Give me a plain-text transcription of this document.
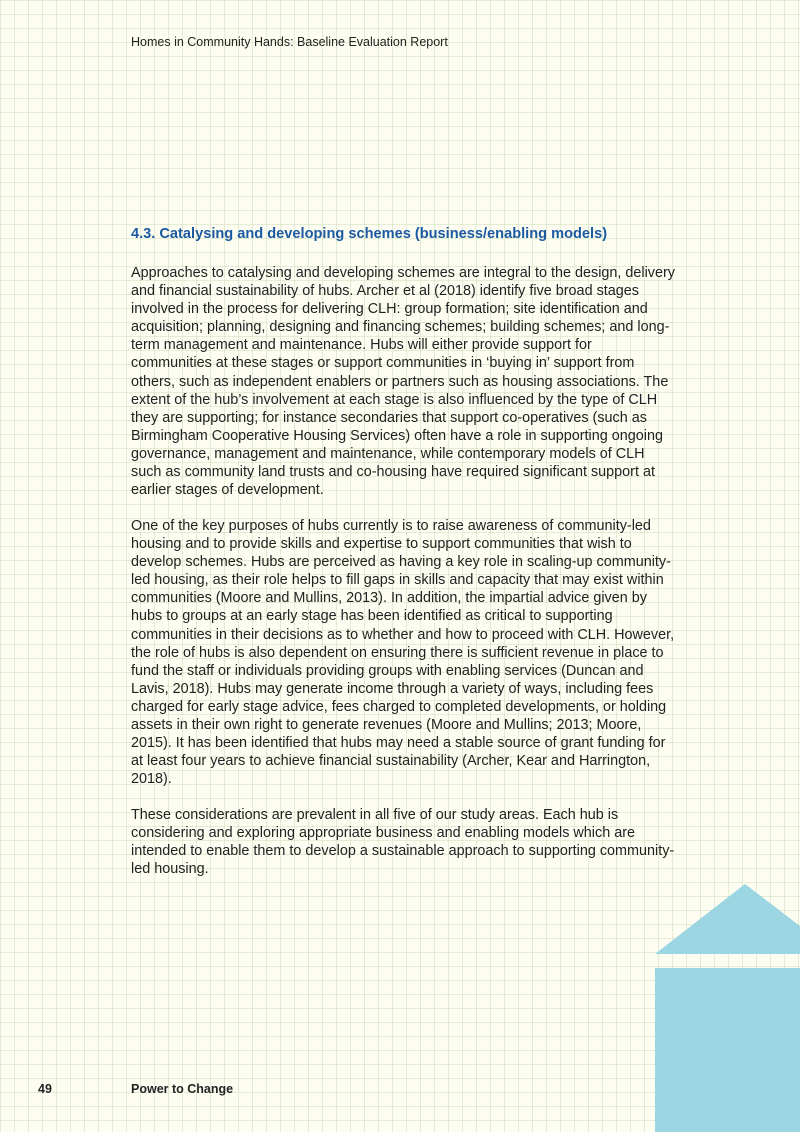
Homes in Community Hands: Baseline Evaluation Report
4.3. Catalysing and developing schemes (business/enabling models)

Approaches to catalysing and developing schemes are integral to the design, delivery and financial sustainability of hubs. Archer et al (2018) identify five broad stages involved in the process for delivering CLH: group formation; site identification and acquisition; planning, designing and financing schemes; building schemes; and long-term management and maintenance. Hubs will either provide support for communities at these stages or support communities in ‘buying in’ support from others, such as independent enablers or partners such as housing associations. The extent of the hub’s involvement at each stage is also influenced by the type of CLH they are supporting; for instance secondaries that support co-operatives (such as Birmingham Cooperative Housing Services) often have a role in supporting ongoing governance, management and maintenance, while contemporary models of CLH such as community land trusts and co-housing have required significant support at earlier stages of development.

One of the key purposes of hubs currently is to raise awareness of community-led housing and to provide skills and expertise to support communities that wish to develop schemes. Hubs are perceived as having a key role in scaling-up community-led housing, as their role helps to fill gaps in skills and capacity that may exist within communities (Moore and Mullins, 2013). In addition, the impartial advice given by hubs to groups at an early stage has been identified as critical to supporting communities in their decisions as to whether and how to proceed with CLH. However, the role of hubs is also dependent on ensuring there is sufficient revenue in place to fund the staff or individuals providing groups with enabling services (Duncan and Lavis, 2018). Hubs may generate income through a variety of ways, including fees charged for early stage advice, fees charged to completed developments, or holding assets in their own right to generate revenues (Moore and Mullins; 2013; Moore, 2015). It has been identified that hubs may need a stable source of grant funding for at least four years to achieve financial sustainability (Archer, Kear and Harrington, 2018).

These considerations are prevalent in all five of our study areas. Each hub is considering and exploring appropriate business and enabling models which are intended to enable them to develop a sustainable approach to supporting community-led housing.

49	Power to Change
